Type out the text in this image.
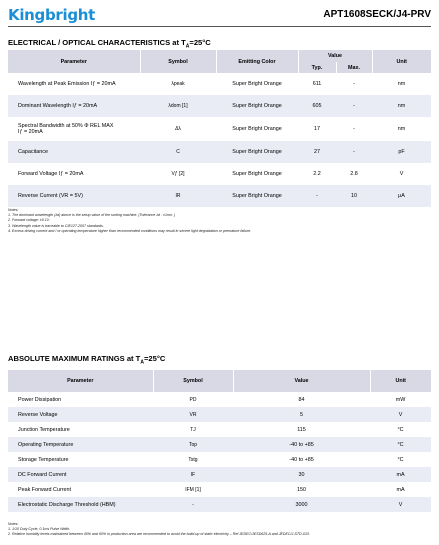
Kingbright	APT1608SECK/J4-PRV
ELECTRICAL / OPTICAL CHARACTERISTICS at $T_A=25^\circ C$
Parameter	Symbol	Emitting Color	Value		Unit
			Typ.	Max.	
Wavelength at Peak Emission Iƒ = 20mA	λpeak	Super Bright Orange	611	-	nm
Dominant Wavelength Iƒ = 20mA	λdom [1]	Super Bright Orange	605	-	nm

Spectral Bandwidth at 50% Φ REL MAX
Iƒ = 20mA	Δλ	Super Bright Orange	17	-	nm
Capacitance	C	Super Bright Orange	27	-	pF
Forward Voltage Iƒ = 20mA	Vƒ [2]	Super Bright Orange	2.2	2.8	V
Reverse Current (VR = 5V)	IR	Super Bright Orange	-	10	μA
Notes:
1. The dominant wavelength (λd) above is the setup value of the sorting machine. (Tolerance λd : ±1nm. )
2. Forward voltage: ±0.1V.
3. Wavelength value is traceable to CIE127-2007 standards.
4. Excess driving current and / or operating temperature higher than recommended conditions may result in severe light degradation or premature failure.
ABSOLUTE MAXIMUM RATINGS at $T_A=25^\circ C$
Parameter	Symbol	Value	Unit
Power Dissipation	PD	84	mW
Reverse Voltage	VR	5	V
Junction Temperature	TJ	115	°C
Operating Temperature	Top	-40 to +85	°C
Storage Temperature	Tstg	-40 to +85	°C
DC Forward Current	IF	30	mA
Peak Forward Current	IFM [1]	150	mA
Electrostatic Discharge Threshold (HBM)	-	3000	V
Notes:
1. 1/10 Duty Cycle, 0.1ms Pulse Width.
2. Relative humidity levels maintained between 40% and 60% in production area are recommended to avoid the build-up of static electricity – Ref JEDEC/JESD625-A and JEDEC/J-STD-033.
